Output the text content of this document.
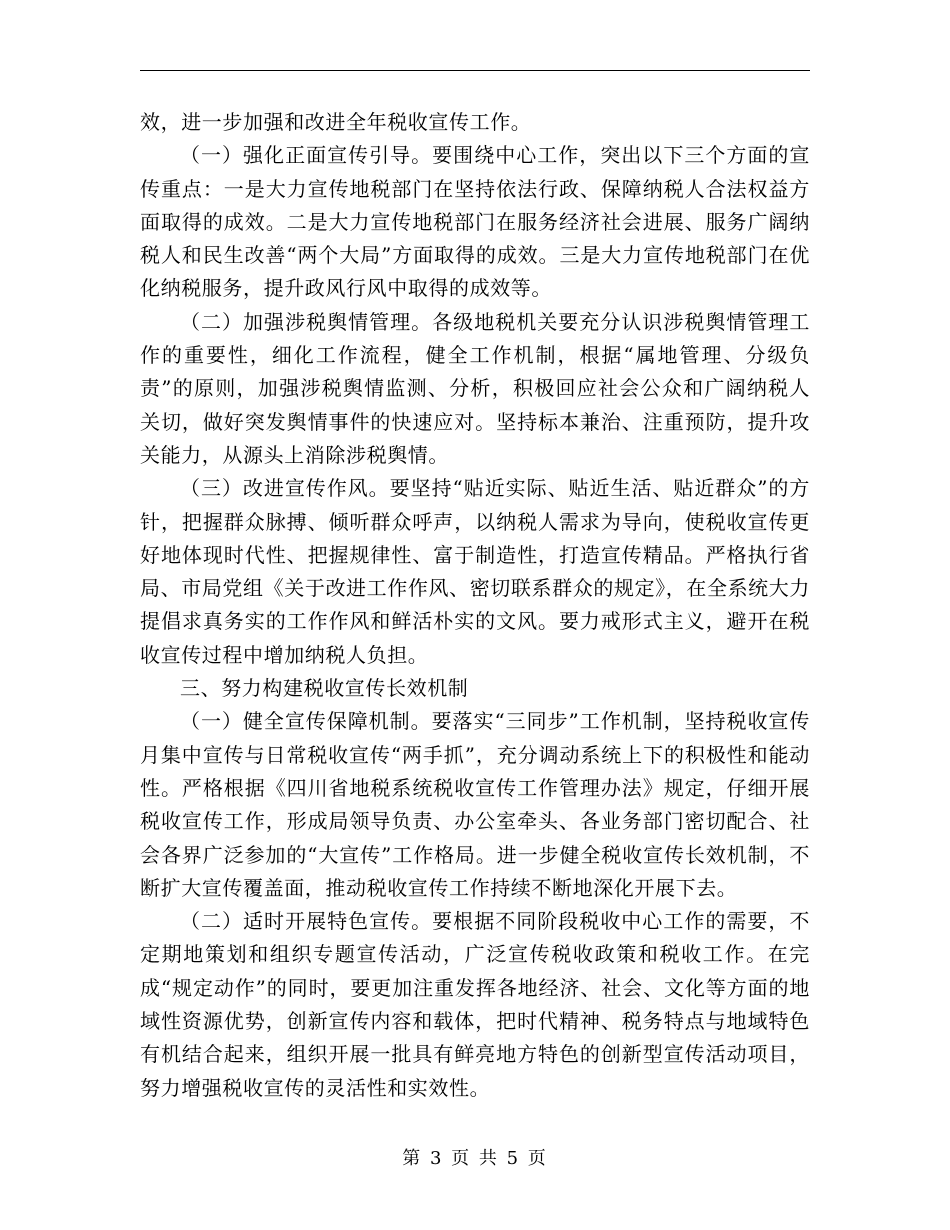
效，进一步加强和改进全年税收宣传工作。

（一）强化正面宣传引导。要围绕中心工作，突出以下三个方面的宣传重点：一是大力宣传地税部门在坚持依法行政、保障纳税人合法权益方面取得的成效。二是大力宣传地税部门在服务经济社会进展、服务广阔纳税人和民生改善“两个大局”方面取得的成效。三是大力宣传地税部门在优化纳税服务，提升政风行风中取得的成效等。

（二）加强涉税舆情管理。各级地税机关要充分认识涉税舆情管理工作的重要性，细化工作流程，健全工作机制，根据“属地管理、分级负责”的原则，加强涉税舆情监测、分析，积极回应社会公众和广阔纳税人关切，做好突发舆情事件的快速应对。坚持标本兼治、注重预防，提升攻关能力，从源头上消除涉税舆情。

（三）改进宣传作风。要坚持“贴近实际、贴近生活、贴近群众”的方针，把握群众脉搏、倾听群众呼声，以纳税人需求为导向，使税收宣传更好地体现时代性、把握规律性、富于制造性，打造宣传精品。严格执行省局、市局党组《关于改进工作作风、密切联系群众的规定》，在全系统大力提倡求真务实的工作作风和鲜活朴实的文风。要力戒形式主义，避开在税收宣传过程中增加纳税人负担。

三、努力构建税收宣传长效机制

（一）健全宣传保障机制。要落实“三同步”工作机制，坚持税收宣传月集中宣传与日常税收宣传“两手抓”，充分调动系统上下的积极性和能动性。严格根据《四川省地税系统税收宣传工作管理办法》规定，仔细开展税收宣传工作，形成局领导负责、办公室牵头、各业务部门密切配合、社会各界广泛参加的“大宣传”工作格局。进一步健全税收宣传长效机制，不断扩大宣传覆盖面，推动税收宣传工作持续不断地深化开展下去。

（二）适时开展特色宣传。要根据不同阶段税收中心工作的需要，不定期地策划和组织专题宣传活动，广泛宣传税收政策和税收工作。在完成“规定动作”的同时，要更加注重发挥各地经济、社会、文化等方面的地域性资源优势，创新宣传内容和载体，把时代精神、税务特点与地域特色有机结合起来，组织开展一批具有鲜亮地方特色的创新型宣传活动项目，努力增强税收宣传的灵活性和实效性。

第 3 页 共 5 页
